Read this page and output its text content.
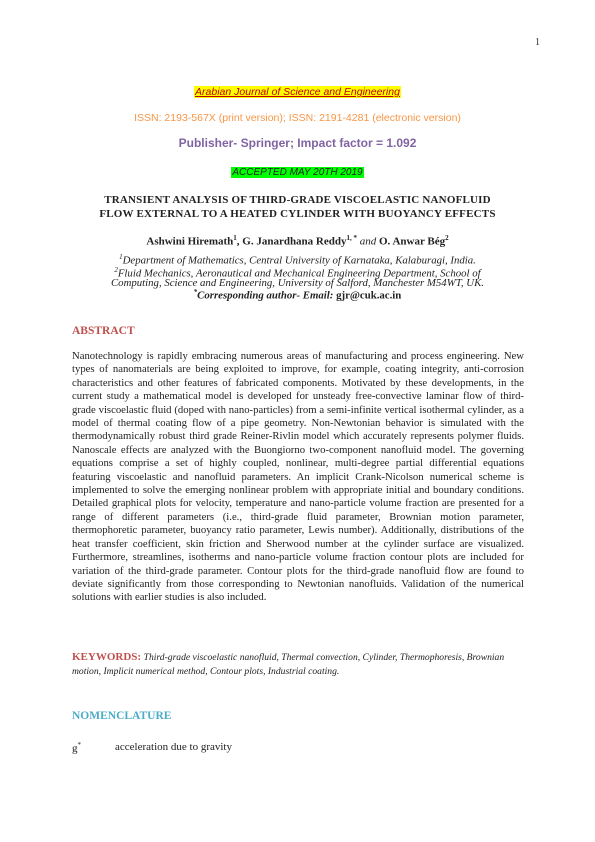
1
Arabian Journal of Science and Engineering
ISSN: 2193-567X (print version); ISSN: 2191-4281 (electronic version)
Publisher- Springer; Impact factor = 1.092
ACCEPTED MAY 20TH 2019
TRANSIENT ANALYSIS OF THIRD-GRADE VISCOELASTIC NANOFLUID
FLOW EXTERNAL TO A HEATED CYLINDER WITH BUOYANCY EFFECTS
Ashwini Hiremath$^1$, G. Janardhana Reddy$^{1, *}$ and O. Anwar Bég$^2$
$^1$Department of Mathematics, Central University of Karnataka, Kalaburagi, India.
$^2$Fluid Mechanics, Aeronautical and Mechanical Engineering Department, School of
Computing, Science and Engineering, University of Salford, Manchester M54WT, UK.
*Corresponding author- Email: gjr@cuk.ac.in
ABSTRACT
Nanotechnology is rapidly embracing numerous areas of manufacturing and process engineering. New types of nanomaterials are being exploited to improve, for example, coating integrity, anti-corrosion characteristics and other features of fabricated components. Motivated by these developments, in the current study a mathematical model is developed for unsteady free-convective laminar flow of third-grade viscoelastic fluid (doped with nano-particles) from a semi-infinite vertical isothermal cylinder, as a model of thermal coating flow of a pipe geometry. Non-Newtonian behavior is simulated with the thermodynamically robust third grade Reiner-Rivlin model which accurately represents polymer fluids. Nanoscale effects are analyzed with the Buongiorno two-component nanofluid model. The governing equations comprise a set of highly coupled, nonlinear, multi-degree partial differential equations featuring viscoelastic and nanofluid parameters. An implicit Crank-Nicolson numerical scheme is implemented to solve the emerging nonlinear problem with appropriate initial and boundary conditions. Detailed graphical plots for velocity, temperature and nano-particle volume fraction are presented for a range of different parameters (i.e., third-grade fluid parameter, Brownian motion parameter, thermophoretic parameter, buoyancy ratio parameter, Lewis number). Additionally, distributions of the heat transfer coefficient, skin friction and Sherwood number at the cylinder surface are visualized. Furthermore, streamlines, isotherms and nano-particle volume fraction contour plots are included for variation of the third-grade parameter. Contour plots for the third-grade nanofluid flow are found to deviate significantly from those corresponding to Newtonian nanofluids. Validation of the numerical solutions with earlier studies is also included.
KEYWORDS: Third-grade viscoelastic nanofluid, Thermal convection, Cylinder, Thermophoresis, Brownian motion, Implicit numerical method, Contour plots, Industrial coating.
NOMENCLATURE
g*	acceleration due to gravity
